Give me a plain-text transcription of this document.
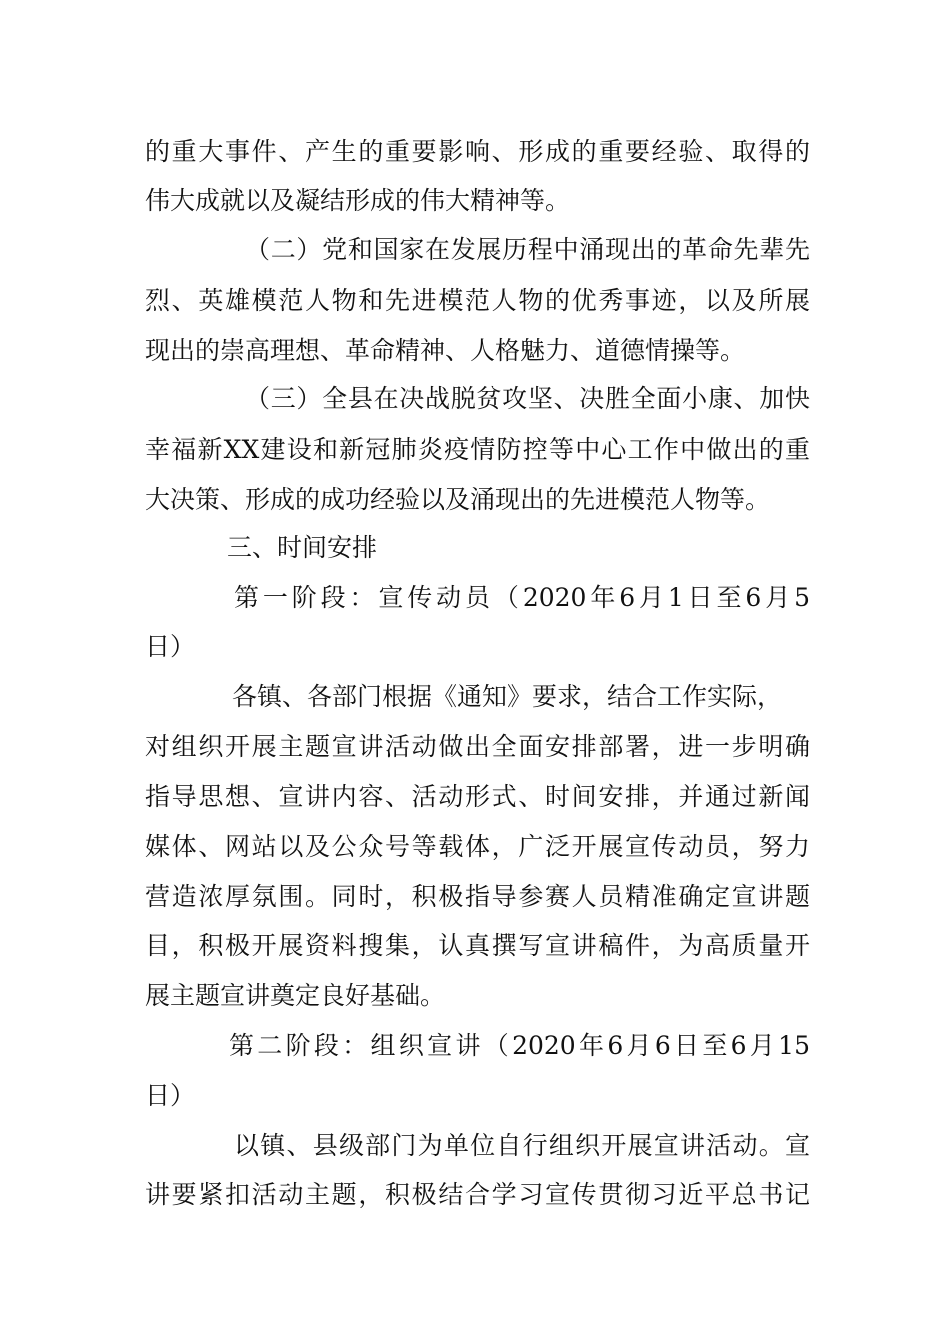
的重大事件、产生的重要影响、形成的重要经验、取得的
伟大成就以及凝结形成的伟大精神等。
（二）党和国家在发展历程中涌现出的革命先辈先
烈、英雄模范人物和先进模范人物的优秀事迹，以及所展
现出的崇高理想、革命精神、人格魅力、道德情操等。
（三）全县在决战脱贫攻坚、决胜全面小康、加快
幸福新XX建设和新冠肺炎疫情防控等中心工作中做出的重
大决策、形成的成功经验以及涌现出的先进模范人物等。
三、时间安排
第一阶段：宣传动员（2020年6月1日至6月5
日）
各镇、各部门根据《通知》要求，结合工作实际，
对组织开展主题宣讲活动做出全面安排部署，进一步明确
指导思想、宣讲内容、活动形式、时间安排，并通过新闻
媒体、网站以及公众号等载体，广泛开展宣传动员，努力
营造浓厚氛围。同时，积极指导参赛人员精准确定宣讲题
目，积极开展资料搜集，认真撰写宣讲稿件，为高质量开
展主题宣讲奠定良好基础。
第二阶段：组织宣讲（2020年6月6日至6月15
日）
以镇、县级部门为单位自行组织开展宣讲活动。宣
讲要紧扣活动主题，积极结合学习宣传贯彻习近平总书记
